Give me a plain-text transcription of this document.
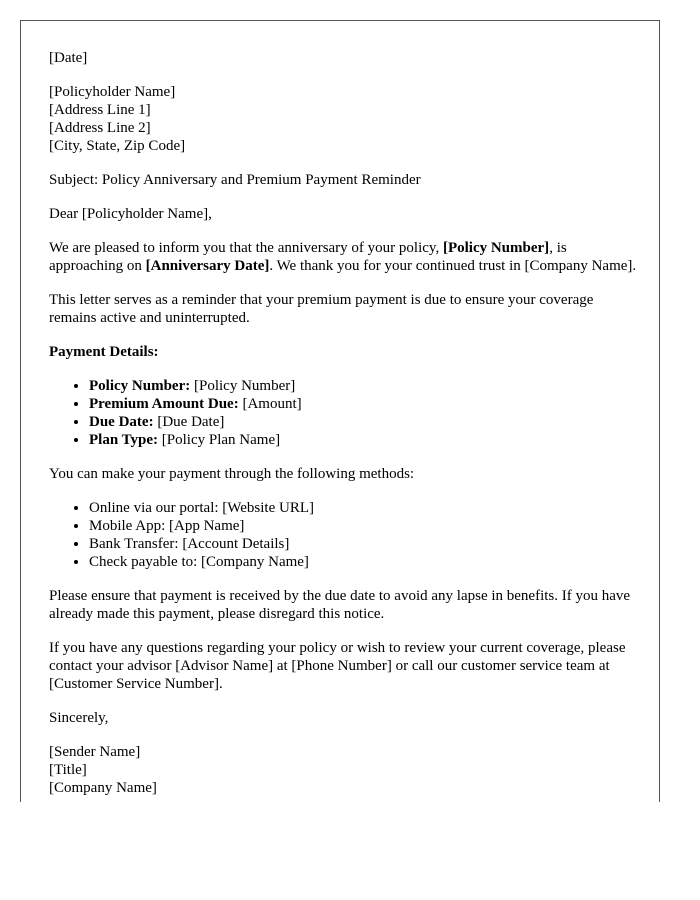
[Date]

[Policyholder Name]
[Address Line 1]
[Address Line 2]
[City, State, Zip Code]

Subject: Policy Anniversary and Premium Payment Reminder

Dear [Policyholder Name],

We are pleased to inform you that the anniversary of your policy, [Policy Number], is approaching on [Anniversary Date]. We thank you for your continued trust in [Company Name].

This letter serves as a reminder that your premium payment is due to ensure your coverage remains active and uninterrupted.

Payment Details:

• Policy Number: [Policy Number]
• Premium Amount Due: [Amount]
• Due Date: [Due Date]
• Plan Type: [Policy Plan Name]

You can make your payment through the following methods:

• Online via our portal: [Website URL]
• Mobile App: [App Name]
• Bank Transfer: [Account Details]
• Check payable to: [Company Name]

Please ensure that payment is received by the due date to avoid any lapse in benefits. If you have already made this payment, please disregard this notice.

If you have any questions regarding your policy or wish to review your current coverage, please contact your advisor [Advisor Name] at [Phone Number] or call our customer service team at [Customer Service Number].

Sincerely,

[Sender Name]
[Title]
[Company Name]
